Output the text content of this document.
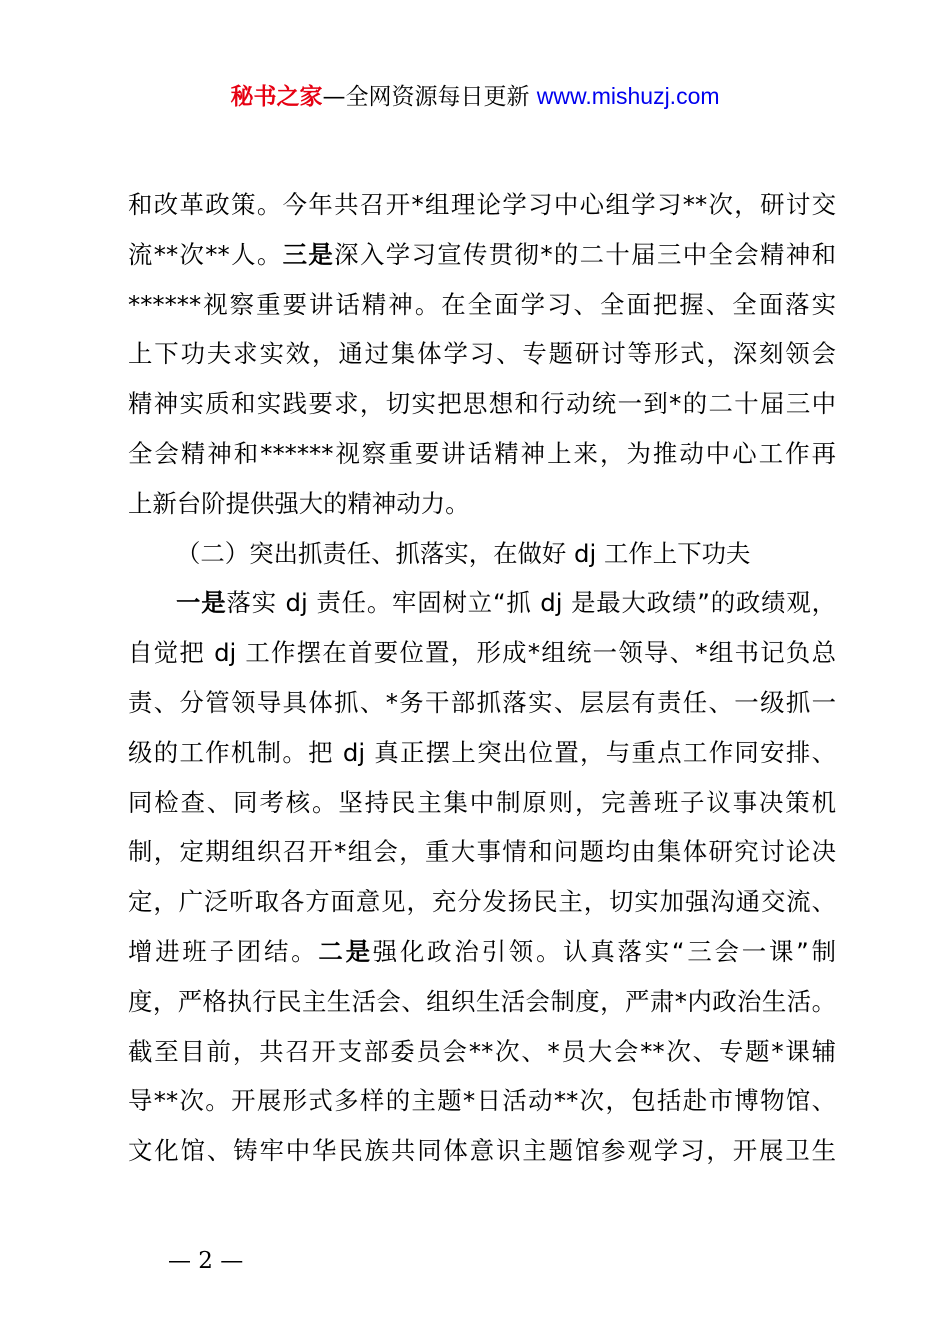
秘书之家—全网资源每日更新 www.mishuzj.com
和改革政策。今年共召开*组理论学习中心组学习**次，研讨交
流**次**人。三是深入学习宣传贯彻*的二十届三中全会精神和
******视察重要讲话精神。在全面学习、全面把握、全面落实
上下功夫求实效，通过集体学习、专题研讨等形式，深刻领会
精神实质和实践要求，切实把思想和行动统一到*的二十届三中
全会精神和******视察重要讲话精神上来，为推动中心工作再
上新台阶提供强大的精神动力。
（二）突出抓责任、抓落实，在做好 dj 工作上下功夫
一是落实 dj 责任。牢固树立“抓 dj 是最大政绩”的政绩观，
自觉把 dj 工作摆在首要位置，形成*组统一领导、*组书记负总
责、分管领导具体抓、*务干部抓落实、层层有责任、一级抓一
级的工作机制。把 dj 真正摆上突出位置，与重点工作同安排、
同检查、同考核。坚持民主集中制原则，完善班子议事决策机
制，定期组织召开*组会，重大事情和问题均由集体研究讨论决
定，广泛听取各方面意见，充分发扬民主，切实加强沟通交流、
增进班子团结。二是强化政治引领。认真落实“三会一课”制
度，严格执行民主生活会、组织生活会制度，严肃*内政治生活。
截至目前，共召开支部委员会**次、*员大会**次、专题*课辅
导**次。开展形式多样的主题*日活动**次，包括赴市博物馆、
文化馆、铸牢中华民族共同体意识主题馆参观学习，开展卫生
— 2 —
